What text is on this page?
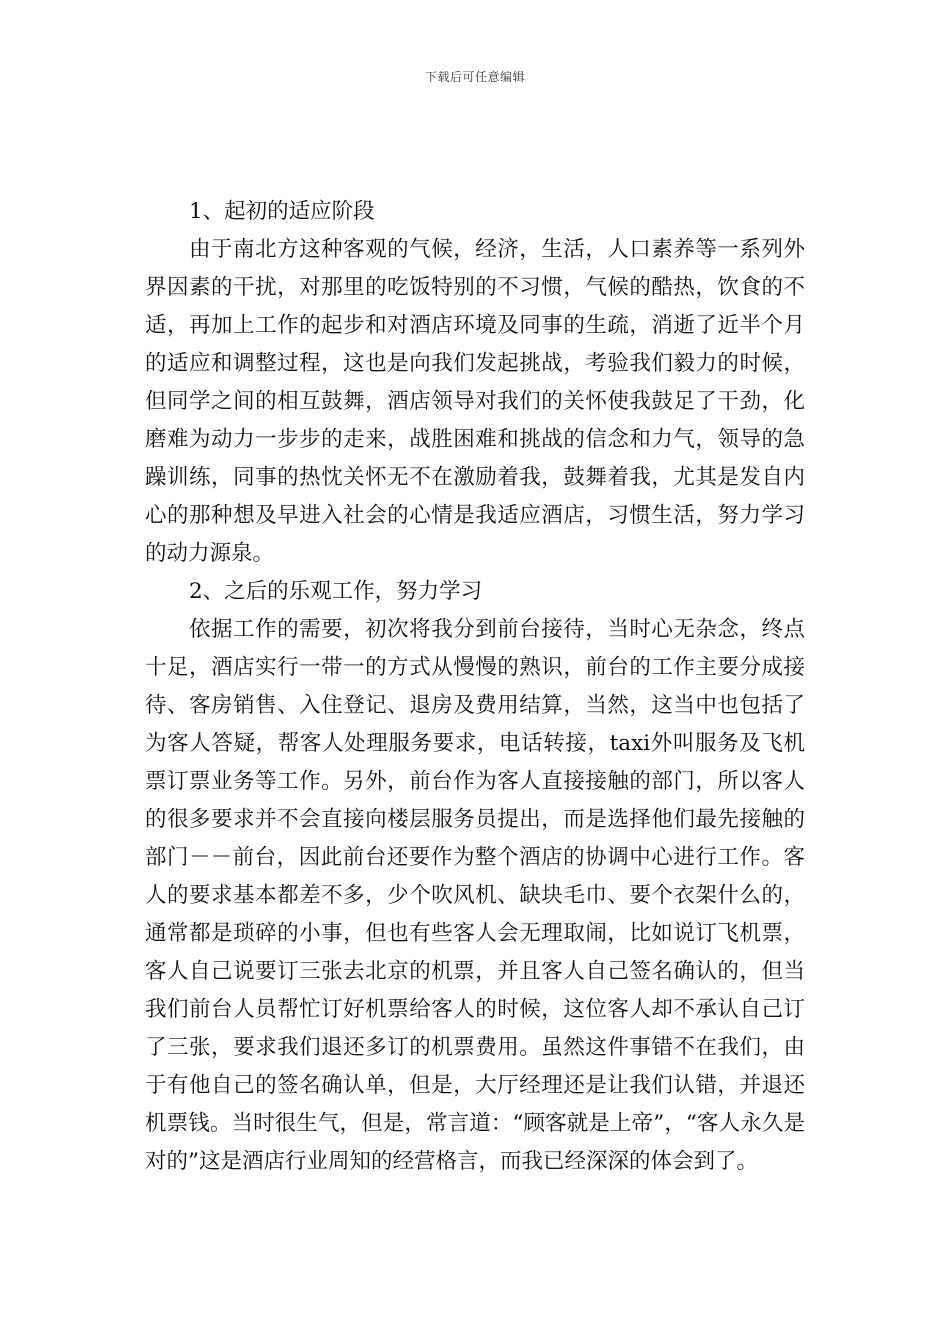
下载后可任意编辑

1、起初的适应阶段

由于南北方这种客观的气候，经济，生活，人口素养等一系列外界因素的干扰，对那里的吃饭特别的不习惯，气候的酷热，饮食的不适，再加上工作的起步和对酒店环境及同事的生疏，消逝了近半个月的适应和调整过程，这也是向我们发起挑战，考验我们毅力的时候，但同学之间的相互鼓舞，酒店领导对我们的关怀使我鼓足了干劲，化磨难为动力一步步的走来，战胜困难和挑战的信念和力气，领导的急躁训练，同事的热忱关怀无不在激励着我，鼓舞着我，尤其是发自内心的那种想及早进入社会的心情是我适应酒店，习惯生活，努力学习的动力源泉。

2、之后的乐观工作，努力学习

依据工作的需要，初次将我分到前台接待，当时心无杂念，终点十足，酒店实行一带一的方式从慢慢的熟识，前台的工作主要分成接待、客房销售、入住登记、退房及费用结算，当然，这当中也包括了为客人答疑，帮客人处理服务要求，电话转接，taxi外叫服务及飞机票订票业务等工作。另外，前台作为客人直接接触的部门，所以客人的很多要求并不会直接向楼层服务员提出，而是选择他们最先接触的部门－－前台，因此前台还要作为整个酒店的协调中心进行工作。客人的要求基本都差不多，少个吹风机、缺块毛巾、要个衣架什么的，通常都是琐碎的小事，但也有些客人会无理取闹，比如说订飞机票，客人自己说要订三张去北京的机票，并且客人自己签名确认的，但当我们前台人员帮忙订好机票给客人的时候，这位客人却不承认自己订了三张，要求我们退还多订的机票费用。虽然这件事错不在我们，由于有他自己的签名确认单，但是，大厅经理还是让我们认错，并退还机票钱。当时很生气，但是，常言道：“顾客就是上帝”，“客人永久是对的”这是酒店行业周知的经营格言，而我已经深深的体会到了。
